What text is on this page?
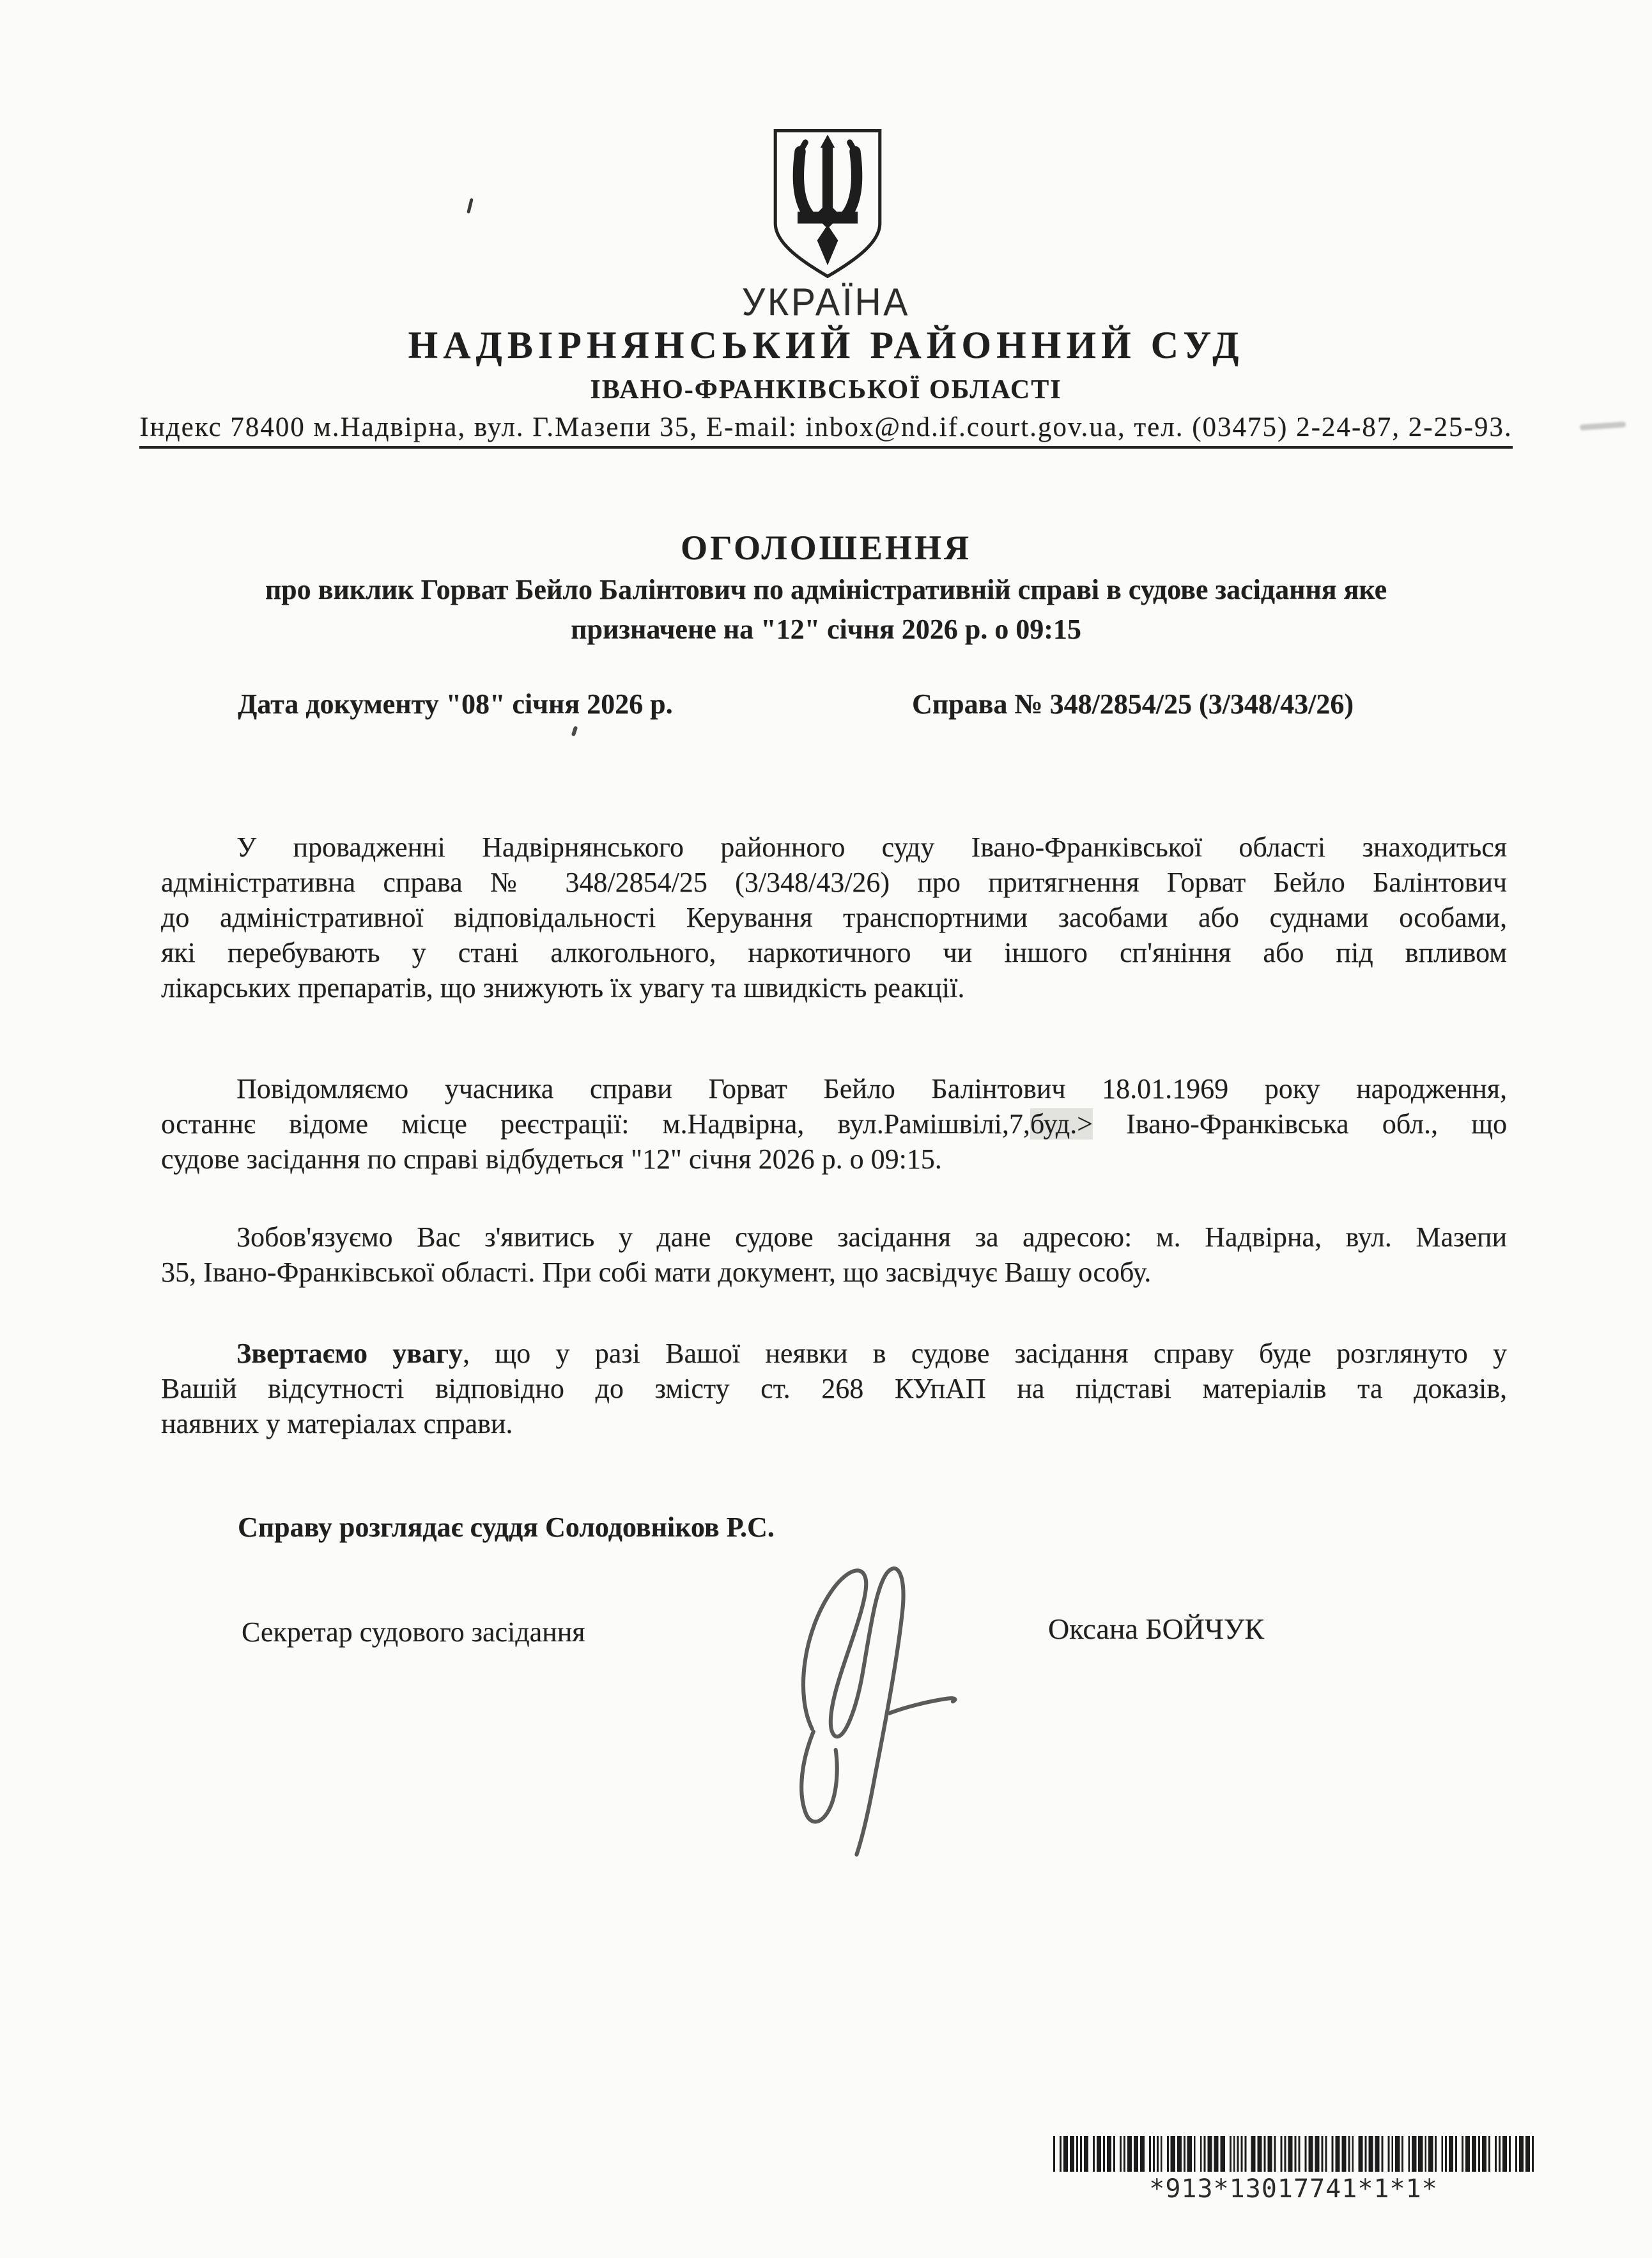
УКРАЇНА
НАДВІРНЯНСЬКИЙ РАЙОННИЙ СУД
ІВАНО-ФРАНКІВСЬКОЇ ОБЛАСТІ
Індекс 78400 м.Надвірна, вул. Г.Мазепи 35, E-mail: inbox@nd.if.court.gov.ua, тел. (03475) 2-24-87, 2-25-93.
ОГОЛОШЕННЯ
про виклик Горват Бейло Балінтович по адміністративній справі в судове засідання яке
призначене на "12" січня 2026 р. о 09:15
Дата документу "08" січня 2026 р.	Справа № 348/2854/25 (3/348/43/26)

У провадженні Надвірнянського районного суду Івано-Франківської області знаходиться
адміністративна справа № 348/2854/25 (3/348/43/26) про притягнення Горват Бейло Балінтович
до адміністративної відповідальності Керування транспортними засобами або суднами особами,
які перебувають у стані алкогольного, наркотичного чи іншого сп'яніння або під впливом
лікарських препаратів, що знижують їх увагу та швидкість реакції.

Повідомляємо учасника справи Горват Бейло Балінтович 18.01.1969 року народження,
останнє відоме місце реєстрації: м.Надвірна, вул.Рамішвілі,7,буд.> Івано-Франківська обл., що
судове засідання по справі відбудеться "12" січня 2026 р. о 09:15.

Зобов'язуємо Вас з'явитись у дане судове засідання за адресою: м. Надвірна, вул. Мазепи
35, Івано-Франківської області. При собі мати документ, що засвідчує Вашу особу.

Звертаємо увагу, що у разі Вашої неявки в судове засідання справу буде розглянуто у
Вашій відсутності відповідно до змісту ст. 268 КУпАП на підставі матеріалів та доказів,
наявних у матеріалах справи.

Справу розглядає суддя Солодовніков Р.С.
Секретар судового засідання	Оксана БОЙЧУК
*913*13017741*1*1*
